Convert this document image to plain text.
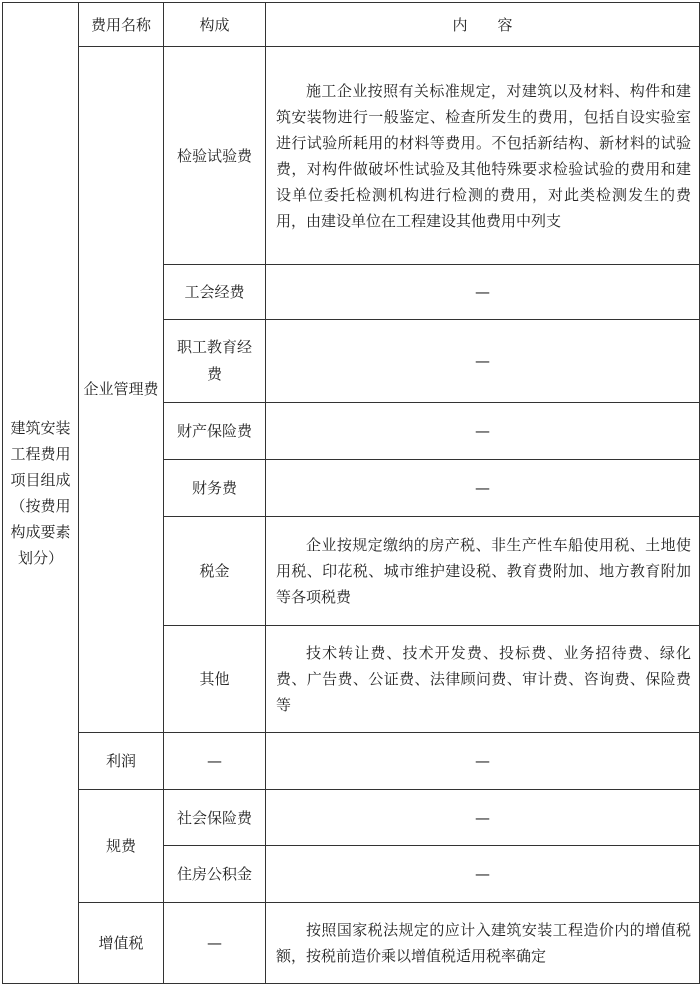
建筑安装工程费用项目组成（按费用构成要素划分）	费用名称	构成	内　　容
	企业管理费	检验试验费	施工企业按照有关标准规定，对建筑以及材料、构件和建筑安装物进行一般鉴定、检查所发生的费用，包括自设实验室进行试验所耗用的材料等费用。不包括新结构、新材料的试验费，对构件做破坏性试验及其他特殊要求检验试验的费用和建设单位委托检测机构进行检测的费用，对此类检测发生的费用，由建设单位在工程建设其他费用中列支
		工会经费	—
		职工教育经费	—
		财产保险费	—
		财务费	—
		税金	企业按规定缴纳的房产税、非生产性车船使用税、土地使用税、印花税、城市维护建设税、教育费附加、地方教育附加等各项税费
		其他	技术转让费、技术开发费、投标费、业务招待费、绿化费、广告费、公证费、法律顾问费、审计费、咨询费、保险费等
	利润	—	—
	规费	社会保险费	—
		住房公积金	—
	增值税	—	按照国家税法规定的应计入建筑安装工程造价内的增值税额，按税前造价乘以增值税适用税率确定
